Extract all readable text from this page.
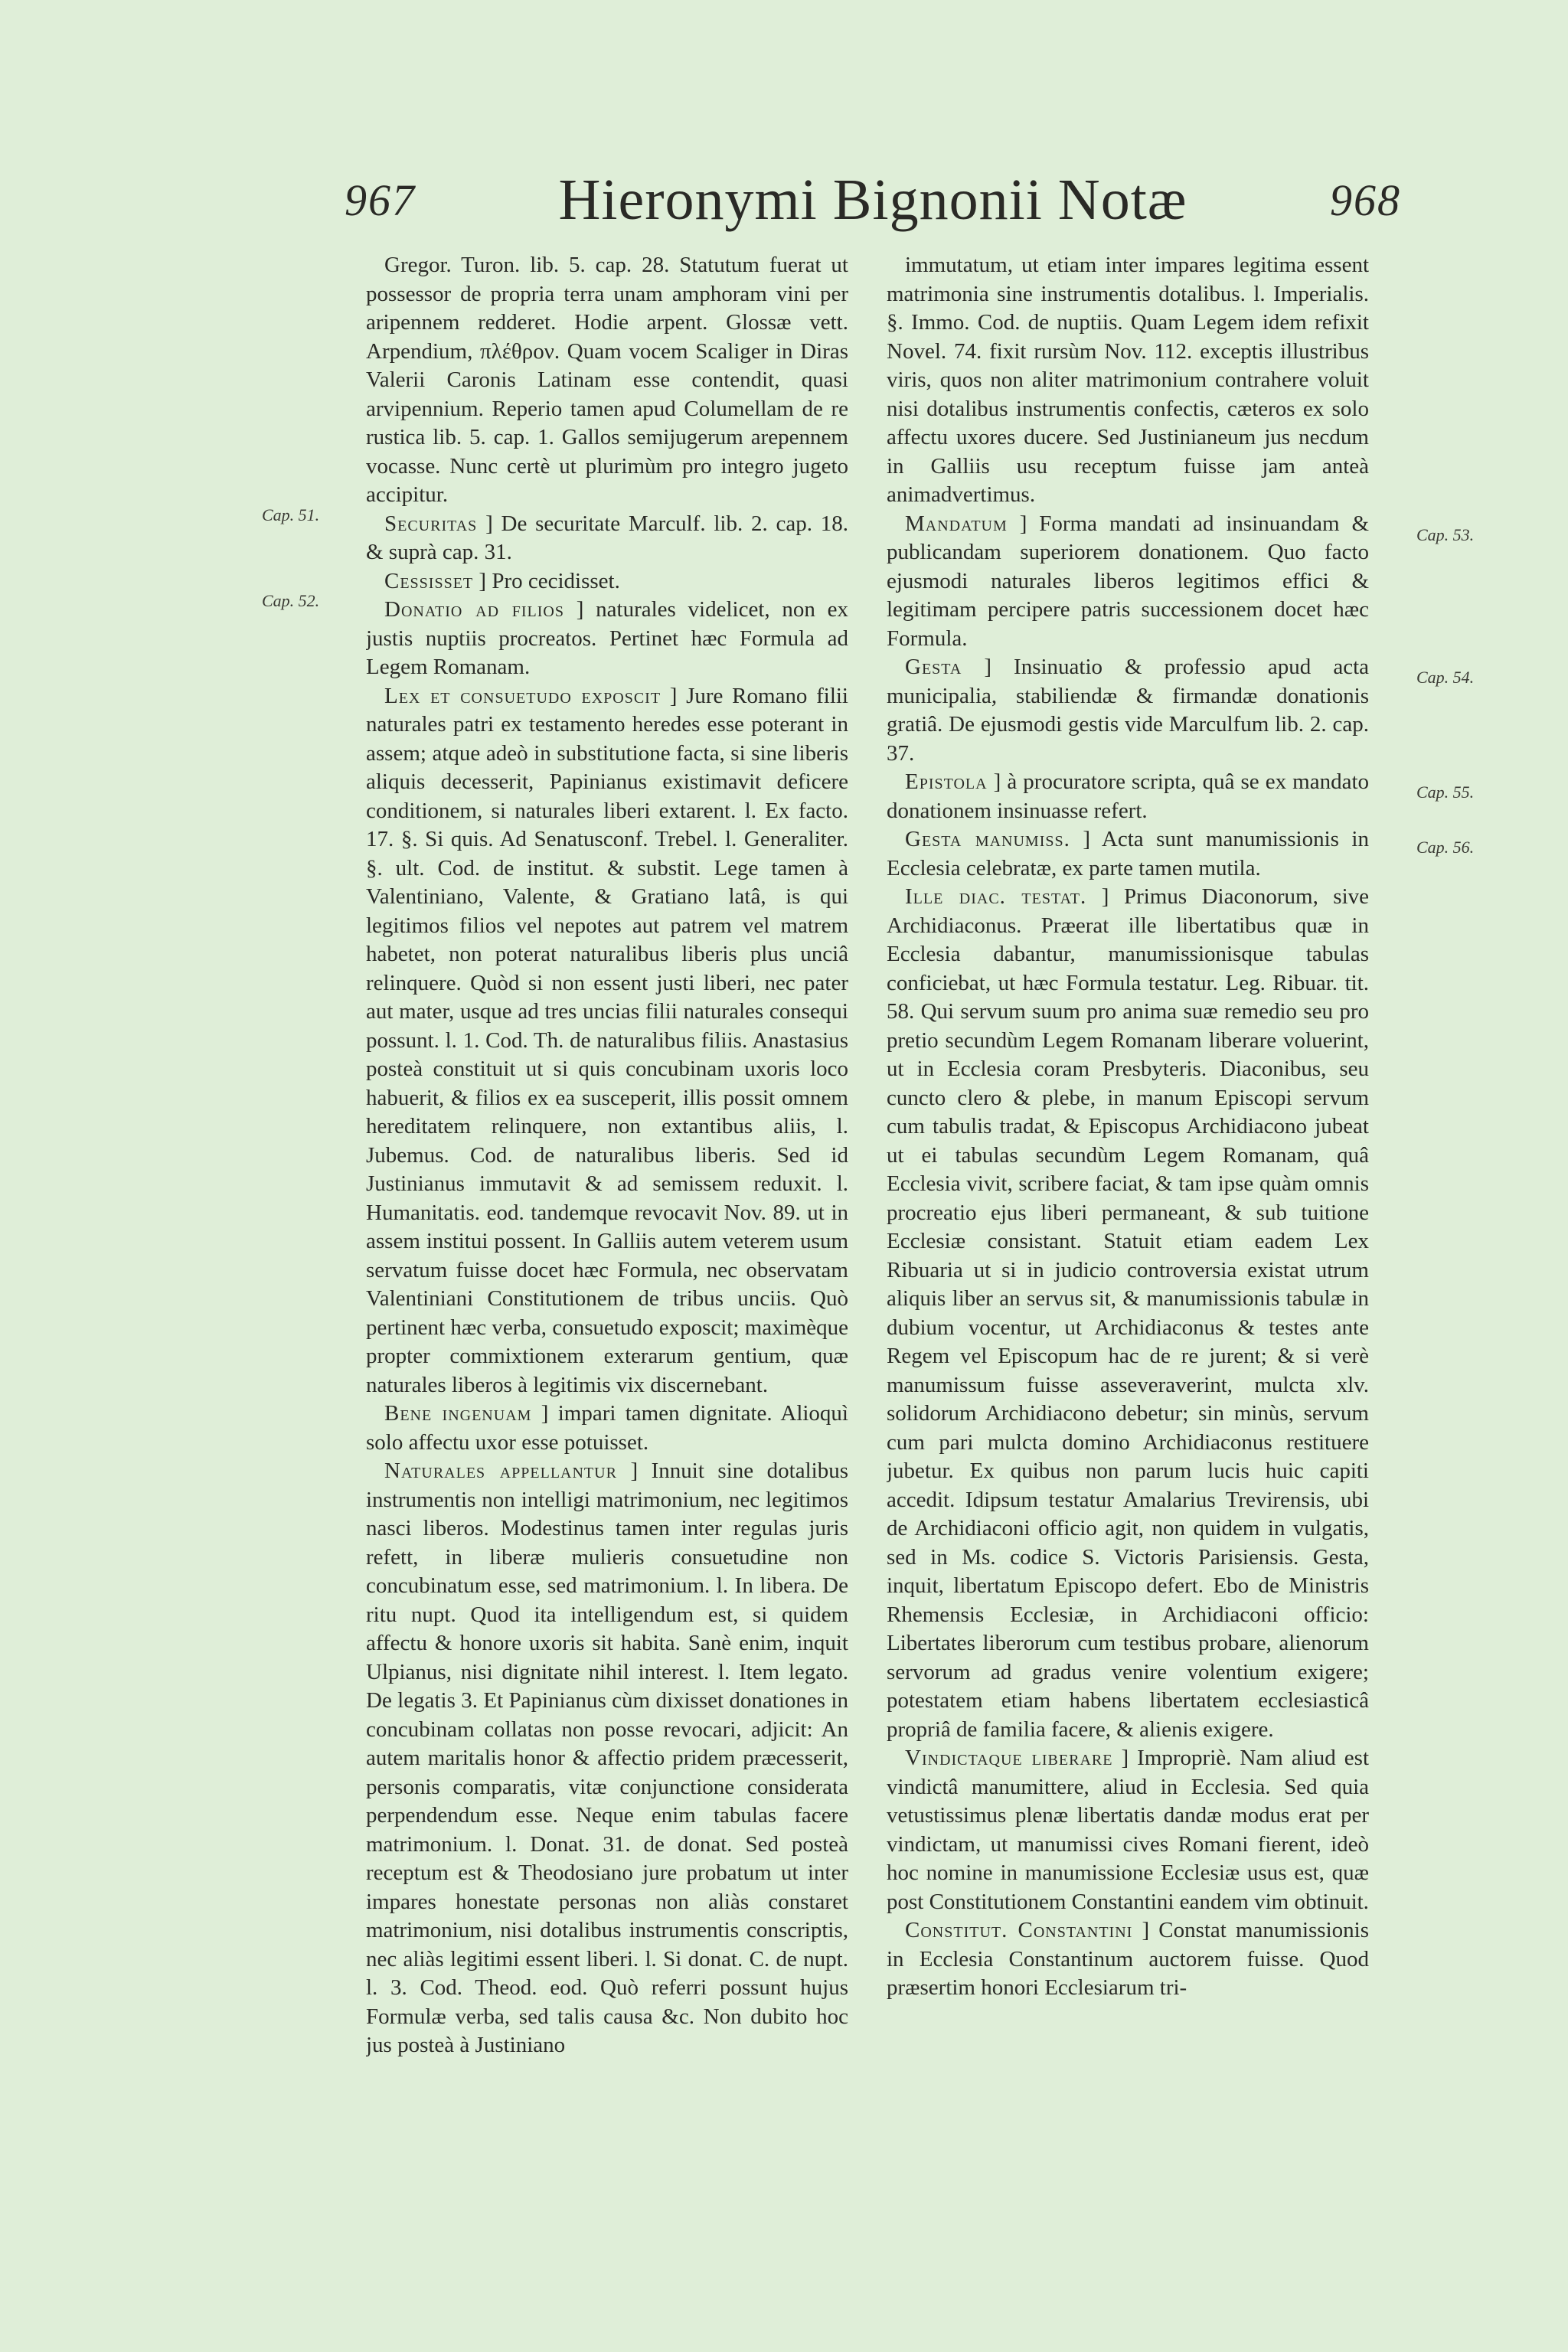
967	Hieronymi Bignonii Notæ	968
Cap. 51.
Cap. 52.
Cap. 53.
Cap. 54.
Cap. 55.
Cap. 56.

Gregor. Turon. lib. 5. cap. 28. Statutum fuerat ut possessor de propria terra unam amphoram vini per aripennem redderet. Hodie arpent. Glossæ vett. Arpendium, πλέθρον. Quam vocem Scaliger in Diras Valerii Caronis Latinam esse contendit, quasi arvipennium. Reperio tamen apud Columellam de re rustica lib. 5. cap. 1. Gallos semijugerum arepennem vocasse. Nunc certè ut plurimùm pro integro jugeto accipitur.

Securitas ] De securitate Marculf. lib. 2. cap. 18. & suprà cap. 31.

Cessisset ] Pro cecidisset.

Donatio ad filios ] naturales videlicet, non ex justis nuptiis procreatos. Pertinet hæc Formula ad Legem Romanam.

Lex et consuetudo exposcit ] Jure Romano filii naturales patri ex testamento heredes esse poterant in assem; atque adeò in substitutione facta, si sine liberis aliquis decesserit, Papinianus existimavit deficere conditionem, si naturales liberi extarent. l. Ex facto. 17. §. Si quis. Ad Senatusconf. Trebel. l. Generaliter. §. ult. Cod. de institut. & substit. Lege tamen à Valentiniano, Valente, & Gratiano latâ, is qui legitimos filios vel nepotes aut patrem vel matrem habetet, non poterat naturalibus liberis plus unciâ relinquere. Quòd si non essent justi liberi, nec pater aut mater, usque ad tres uncias filii naturales consequi possunt. l. 1. Cod. Th. de naturalibus filiis. Anastasius posteà constituit ut si quis concubinam uxoris loco habuerit, & filios ex ea susceperit, illis possit omnem hereditatem relinquere, non extantibus aliis, l. Jubemus. Cod. de naturalibus liberis. Sed id Justinianus immutavit & ad semissem reduxit. l. Humanitatis. eod. tandemque revocavit Nov. 89. ut in assem institui possent. In Galliis autem veterem usum servatum fuisse docet hæc Formula, nec observatam Valentiniani Constitutionem de tribus unciis. Quò pertinent hæc verba, consuetudo exposcit; maximèque propter commixtionem exterarum gentium, quæ naturales liberos à legitimis vix discernebant.

Bene ingenuam ] impari tamen dignitate. Alioquì solo affectu uxor esse potuisset.

Naturales appellantur ] Innuit sine dotalibus instrumentis non intelligi matrimonium, nec legitimos nasci liberos. Modestinus tamen inter regulas juris refett, in liberæ mulieris consuetudine non concubinatum esse, sed matrimonium. l. In libera. De ritu nupt. Quod ita intelligendum est, si quidem affectu & honore uxoris sit habita. Sanè enim, inquit Ulpianus, nisi dignitate nihil interest. l. Item legato. De legatis 3. Et Papinianus cùm dixisset donationes in concubinam collatas non posse revocari, adjicit: An autem maritalis honor & affectio pridem præcesserit, personis comparatis, vitæ conjunctione considerata perpendendum esse. Neque enim tabulas facere matrimonium. l. Donat. 31. de donat. Sed posteà receptum est & Theodosiano jure probatum ut inter impares honestate personas non aliàs constaret matrimonium, nisi dotalibus instrumentis conscriptis, nec aliàs legitimi essent liberi. l. Si donat. C. de nupt. l. 3. Cod. Theod. eod. Quò referri possunt hujus Formulæ verba, sed talis causa &c. Non dubito hoc jus posteà à Justiniano

immutatum, ut etiam inter impares legitima essent matrimonia sine instrumentis dotalibus. l. Imperialis. §. Immo. Cod. de nuptiis. Quam Legem idem refixit Novel. 74. fixit rursùm Nov. 112. exceptis illustribus viris, quos non aliter matrimonium contrahere voluit nisi dotalibus instrumentis confectis, cæteros ex solo affectu uxores ducere. Sed Justinianeum jus necdum in Galliis usu receptum fuisse jam anteà animadvertimus.

Mandatum ] Forma mandati ad insinuandam & publicandam superiorem donationem. Quo facto ejusmodi naturales liberos legitimos effici & legitimam percipere patris successionem docet hæc Formula.

Gesta ] Insinuatio & professio apud acta municipalia, stabiliendæ & firmandæ donationis gratiâ. De ejusmodi gestis vide Marculfum lib. 2. cap. 37.

Epistola ] à procuratore scripta, quâ se ex mandato donationem insinuasse refert.

Gesta manumiss. ] Acta sunt manumissionis in Ecclesia celebratæ, ex parte tamen mutila.

Ille diac. testat. ] Primus Diaconorum, sive Archidiaconus. Præerat ille libertatibus quæ in Ecclesia dabantur, manumissionisque tabulas conficiebat, ut hæc Formula testatur. Leg. Ribuar. tit. 58. Qui servum suum pro anima suæ remedio seu pro pretio secundùm Legem Romanam liberare voluerint, ut in Ecclesia coram Presbyteris. Diaconibus, seu cuncto clero & plebe, in manum Episcopi servum cum tabulis tradat, & Episcopus Archidiacono jubeat ut ei tabulas secundùm Legem Romanam, quâ Ecclesia vivit, scribere faciat, & tam ipse quàm omnis procreatio ejus liberi permaneant, & sub tuitione Ecclesiæ consistant. Statuit etiam eadem Lex Ribuaria ut si in judicio controversia existat utrum aliquis liber an servus sit, & manumissionis tabulæ in dubium vocentur, ut Archidiaconus & testes ante Regem vel Episcopum hac de re jurent; & si verè manumissum fuisse asseveraverint, mulcta xlv. solidorum Archidiacono debetur; sin minùs, servum cum pari mulcta domino Archidiaconus restituere jubetur. Ex quibus non parum lucis huic capiti accedit. Idipsum testatur Amalarius Trevirensis, ubi de Archidiaconi officio agit, non quidem in vulgatis, sed in Ms. codice S. Victoris Parisiensis. Gesta, inquit, libertatum Episcopo defert. Ebo de Ministris Rhemensis Ecclesiæ, in Archidiaconi officio: Libertates liberorum cum testibus probare, alienorum servorum ad gradus venire volentium exigere; potestatem etiam habens libertatem ecclesiasticâ propriâ de familia facere, & alienis exigere.

Vindictaque liberare ] Impropriè. Nam aliud est vindictâ manumittere, aliud in Ecclesia. Sed quia vetustissimus plenæ libertatis dandæ modus erat per vindictam, ut manumissi cives Romani fierent, ideò hoc nomine in manumissione Ecclesiæ usus est, quæ post Constitutionem Constantini eandem vim obtinuit.

Constitut. Constantini ] Constat manumissionis in Ecclesia Constantinum auctorem fuisse. Quod præsertim honori Ecclesiarum tri-
